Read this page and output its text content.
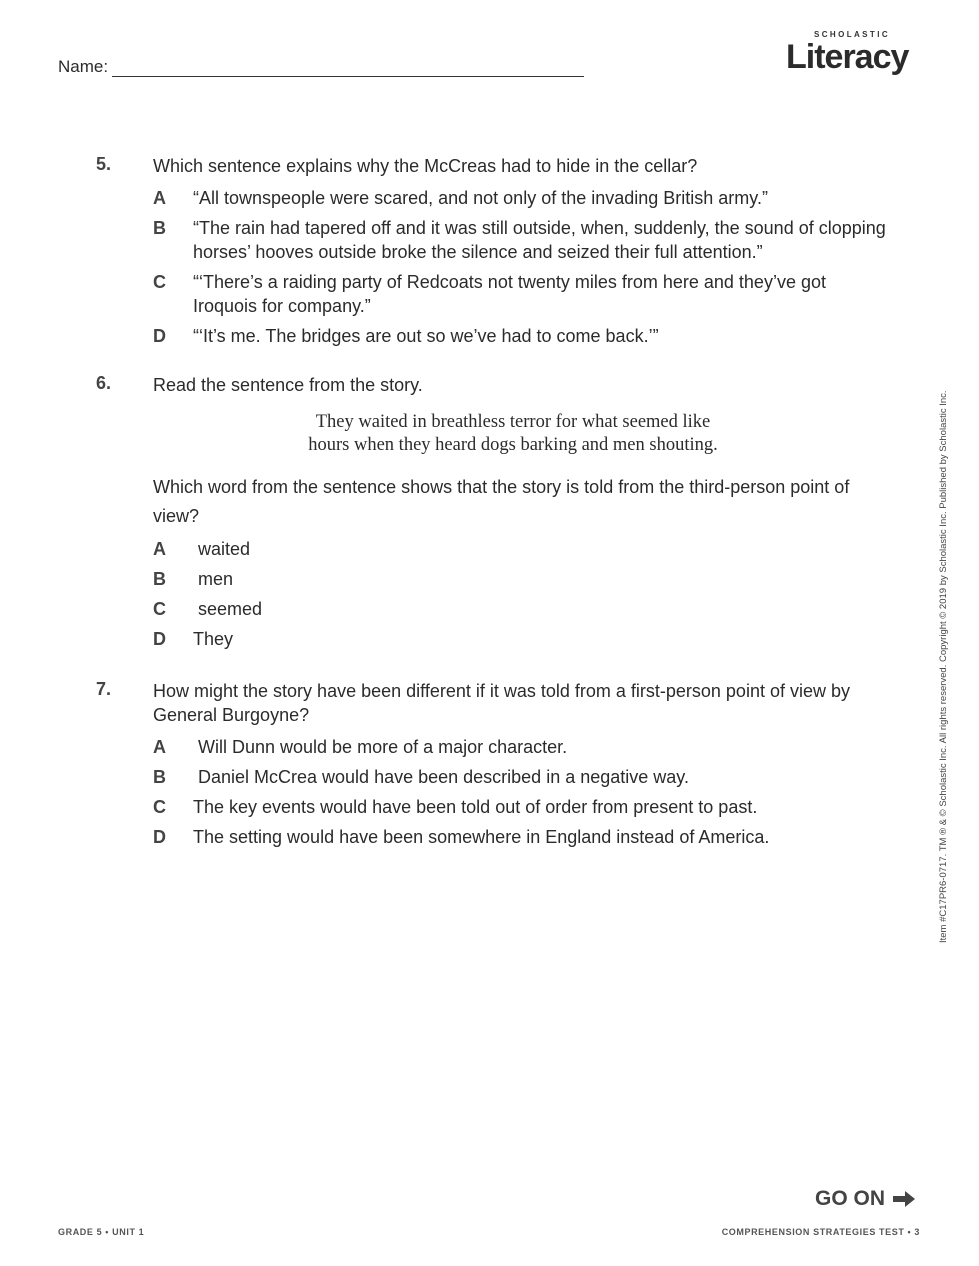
Name:
SCHOLASTIC
Literacy
5. Which sentence explains why the McCreas had to hide in the cellar?
A	“All townspeople were scared, and not only of the invading British army.”
B	“The rain had tapered off and it was still outside, when, suddenly, the sound of clopping horses’ hooves outside broke the silence and seized their full attention.”
C	“‘There’s a raiding party of Redcoats not twenty miles from here and they’ve got Iroquois for company.”
D	“‘It’s me. The bridges are out so we’ve had to come back.’”
6. Read the sentence from the story.
They waited in breathless terror for what seemed like
hours when they heard dogs barking and men shouting.
Which word from the sentence shows that the story is told from the third-person point of view?
A	waited
B	men
C	seemed
D	They
7. How might the story have been different if it was told from a first-person point of view by General Burgoyne?
A	Will Dunn would be more of a major character.
B	Daniel McCrea would have been described in a negative way.
C	The key events would have been told out of order from present to past.
D	The setting would have been somewhere in England instead of America.	Item #C17PR6-0717. TM ® & © Scholastic Inc. All rights reserved. Copyright © 2019 by Scholastic Inc. Published by Scholastic Inc.
GO ON
GRADE 5 • UNIT 1	COMPREHENSION STRATEGIES TEST • 3
